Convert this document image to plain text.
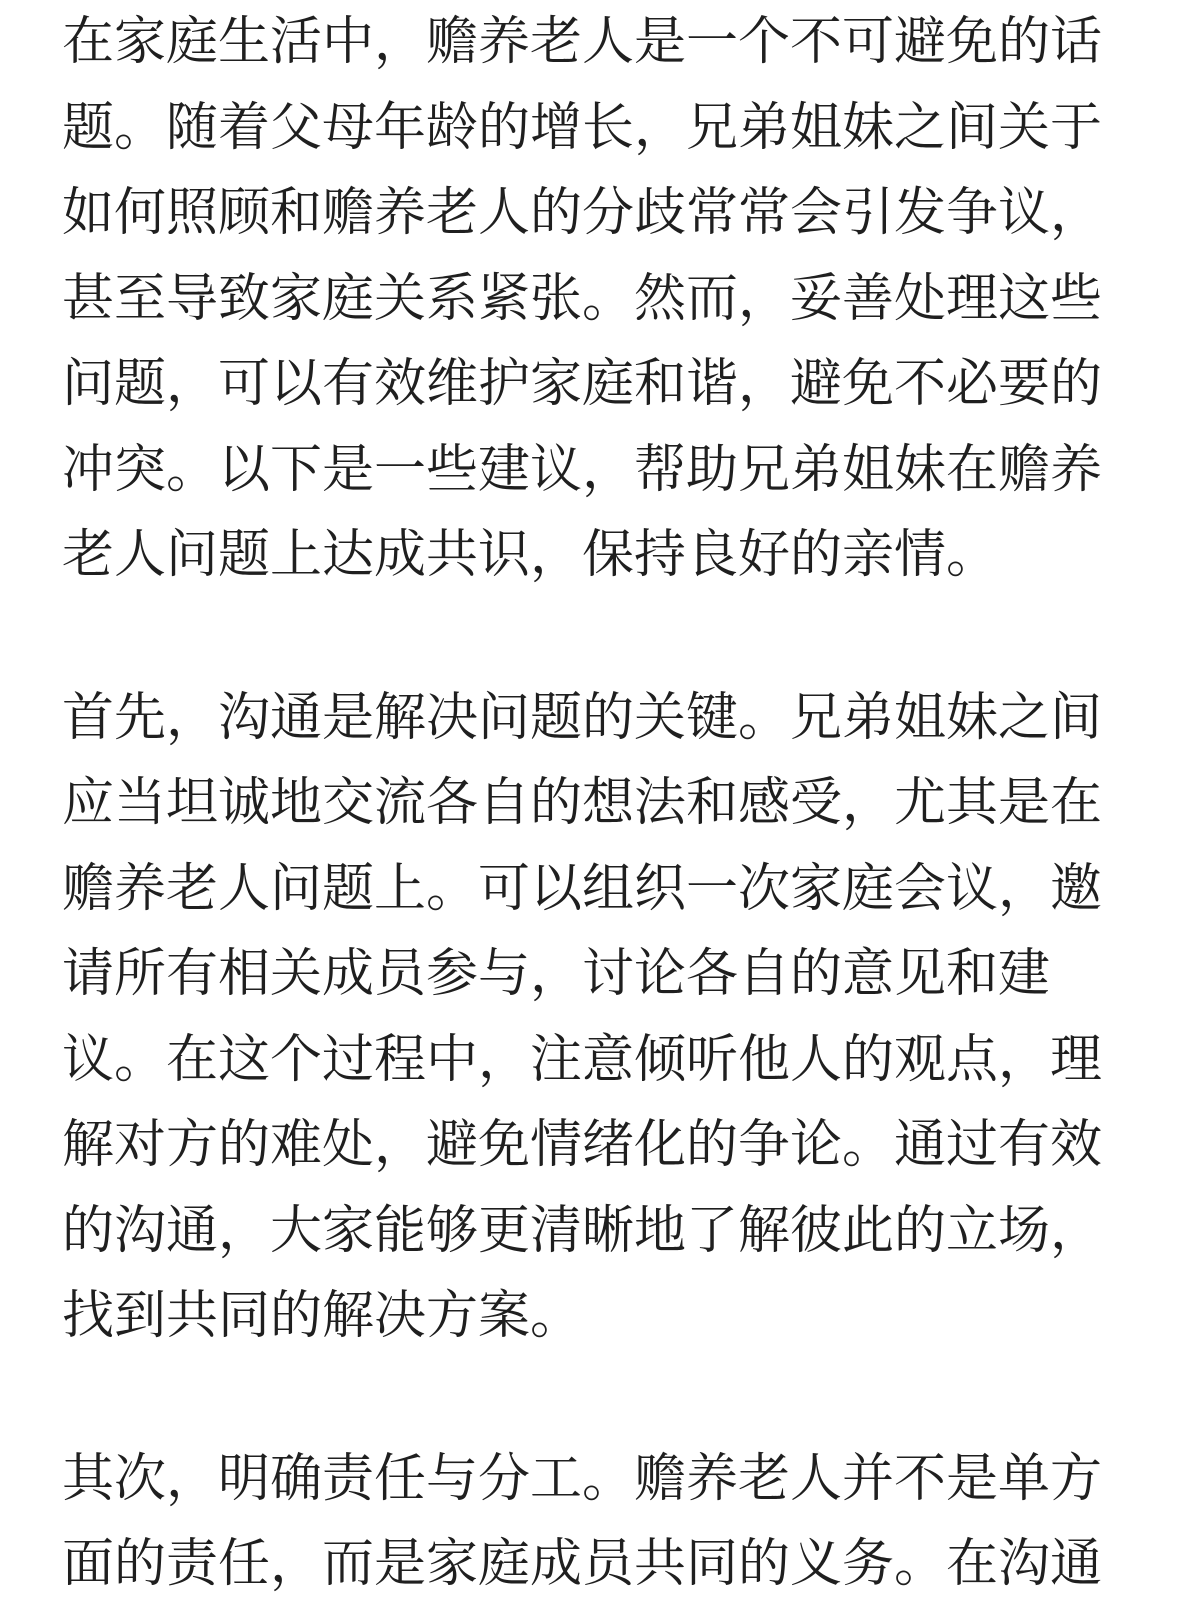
在家庭生活中，赡养老人是一个不可避免的话
题。随着父母年龄的增长，兄弟姐妹之间关于
如何照顾和赡养老人的分歧常常会引发争议，
甚至导致家庭关系紧张。然而，妥善处理这些
问题，可以有效维护家庭和谐，避免不必要的
冲突。以下是一些建议，帮助兄弟姐妹在赡养
老人问题上达成共识，保持良好的亲情。
首先，沟通是解决问题的关键。兄弟姐妹之间
应当坦诚地交流各自的想法和感受，尤其是在
赡养老人问题上。可以组织一次家庭会议，邀
请所有相关成员参与，讨论各自的意见和建
议。在这个过程中，注意倾听他人的观点，理
解对方的难处，避免情绪化的争论。通过有效
的沟通，大家能够更清晰地了解彼此的立场，
找到共同的解决方案。
其次，明确责任与分工。赡养老人并不是单方
面的责任，而是家庭成员共同的义务。在沟通
